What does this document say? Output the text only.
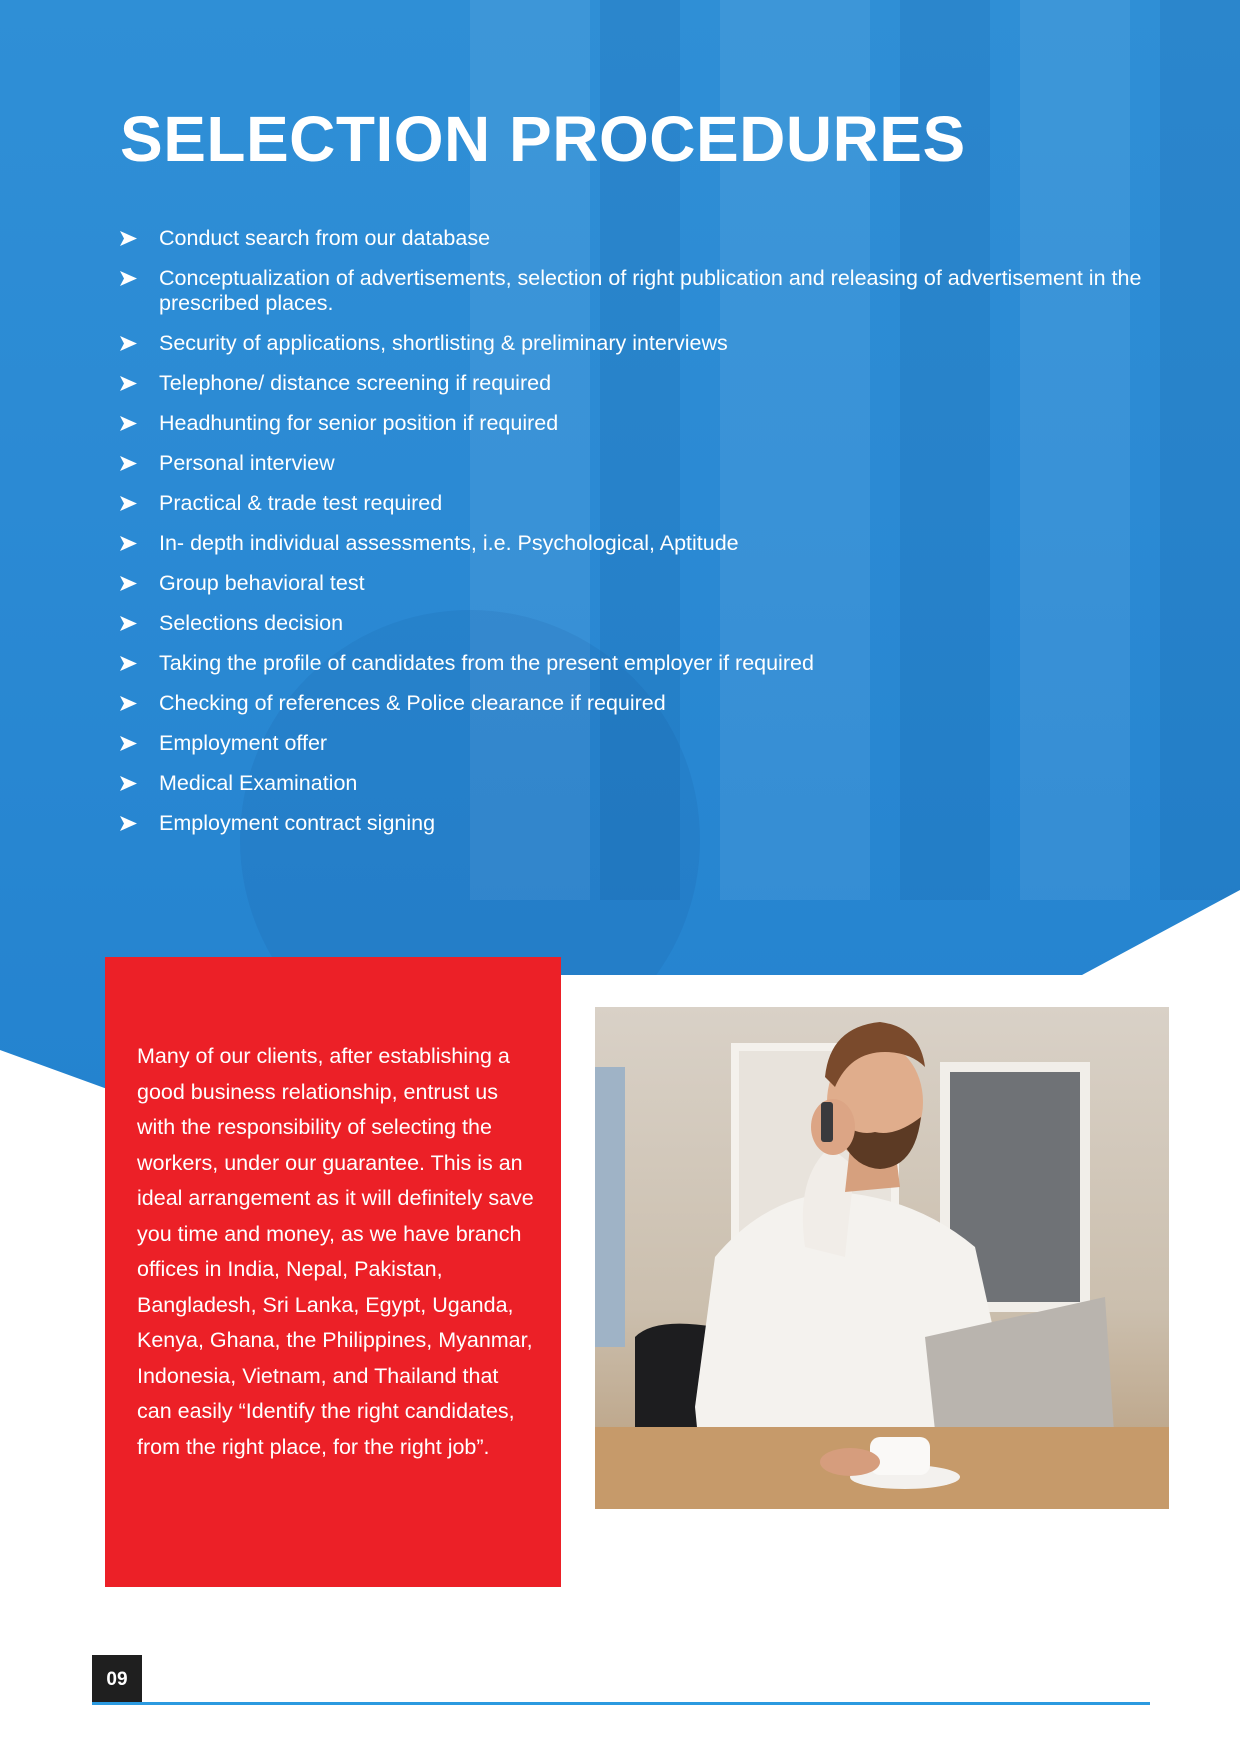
SELECTION PROCEDURES
Conduct search from our database
Conceptualization of advertisements, selection of right publication and releasing of advertisement in the prescribed places.
Security of applications, shortlisting & preliminary interviews
Telephone/ distance screening if required
Headhunting for senior position if required
Personal interview
Practical & trade test required
In- depth individual assessments, i.e. Psychological, Aptitude
Group behavioral test
Selections decision
Taking the profile of candidates from the present employer if required
Checking of references & Police clearance if required
Employment offer
Medical Examination
Employment contract signing

Many of our clients, after establishing a good business relationship, entrust us with the responsibility of selecting the workers, under our guarantee. This is an ideal arrangement as it will definitely save you time and money, as we have branch offices in India, Nepal, Pakistan, Bangladesh, Sri Lanka, Egypt, Uganda, Kenya, Ghana, the Philippines, Myanmar, Indonesia, Vietnam, and Thailand that can easily “Identify the right candidates, from the right place, for the right job”.

09
